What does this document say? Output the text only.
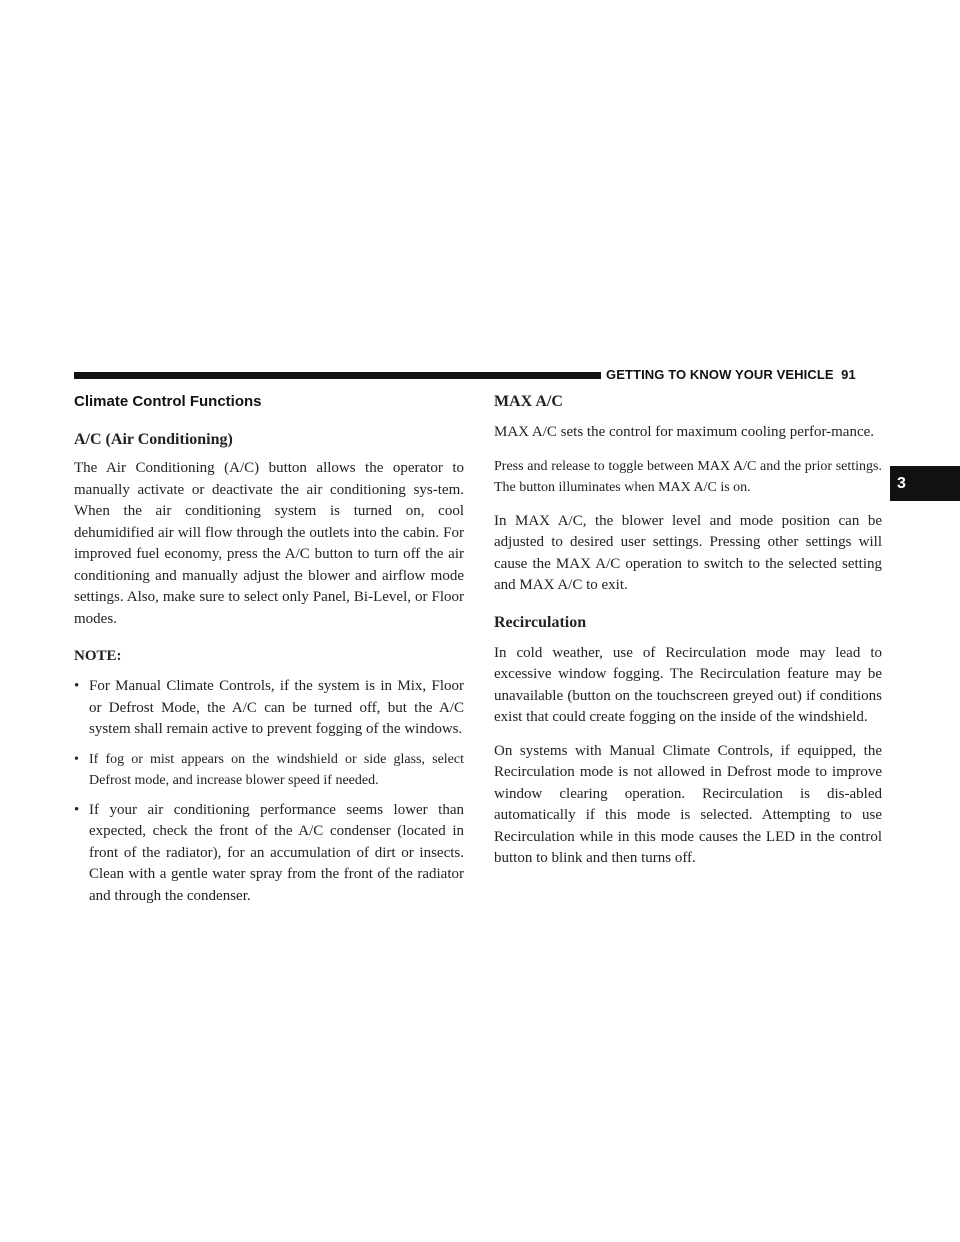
GETTING TO KNOW YOUR VEHICLE 91
3
Climate Control Functions
A/C (Air Conditioning)

The Air Conditioning (A/C) button allows the operator to manually activate or deactivate the air conditioning sys-tem. When the air conditioning system is turned on, cool dehumidified air will flow through the outlets into the cabin. For improved fuel economy, press the A/C button to turn off the air conditioning and manually adjust the blower and airflow mode settings. Also, make sure to select only Panel, Bi-Level, or Floor modes.

NOTE:
• For Manual Climate Controls, if the system is in Mix, Floor or Defrost Mode, the A/C can be turned off, but the A/C system shall remain active to prevent fogging of the windows.
• If fog or mist appears on the windshield or side glass, select Defrost mode, and increase blower speed if needed.
• If your air conditioning performance seems lower than expected, check the front of the A/C condenser (located in front of the radiator), for an accumulation of dirt or insects. Clean with a gentle water spray from the front of the radiator and through the condenser.
MAX A/C

MAX A/C sets the control for maximum cooling perfor-mance.

Press and release to toggle between MAX A/C and the prior settings. The button illuminates when MAX A/C is on.

In MAX A/C, the blower level and mode position can be adjusted to desired user settings. Pressing other settings will cause the MAX A/C operation to switch to the selected setting and MAX A/C to exit.

Recirculation

In cold weather, use of Recirculation mode may lead to excessive window fogging. The Recirculation feature may be unavailable (button on the touchscreen greyed out) if conditions exist that could create fogging on the inside of the windshield.

On systems with Manual Climate Controls, if equipped, the Recirculation mode is not allowed in Defrost mode to improve window clearing operation. Recirculation is dis-abled automatically if this mode is selected. Attempting to use Recirculation while in this mode causes the LED in the control button to blink and then turns off.
